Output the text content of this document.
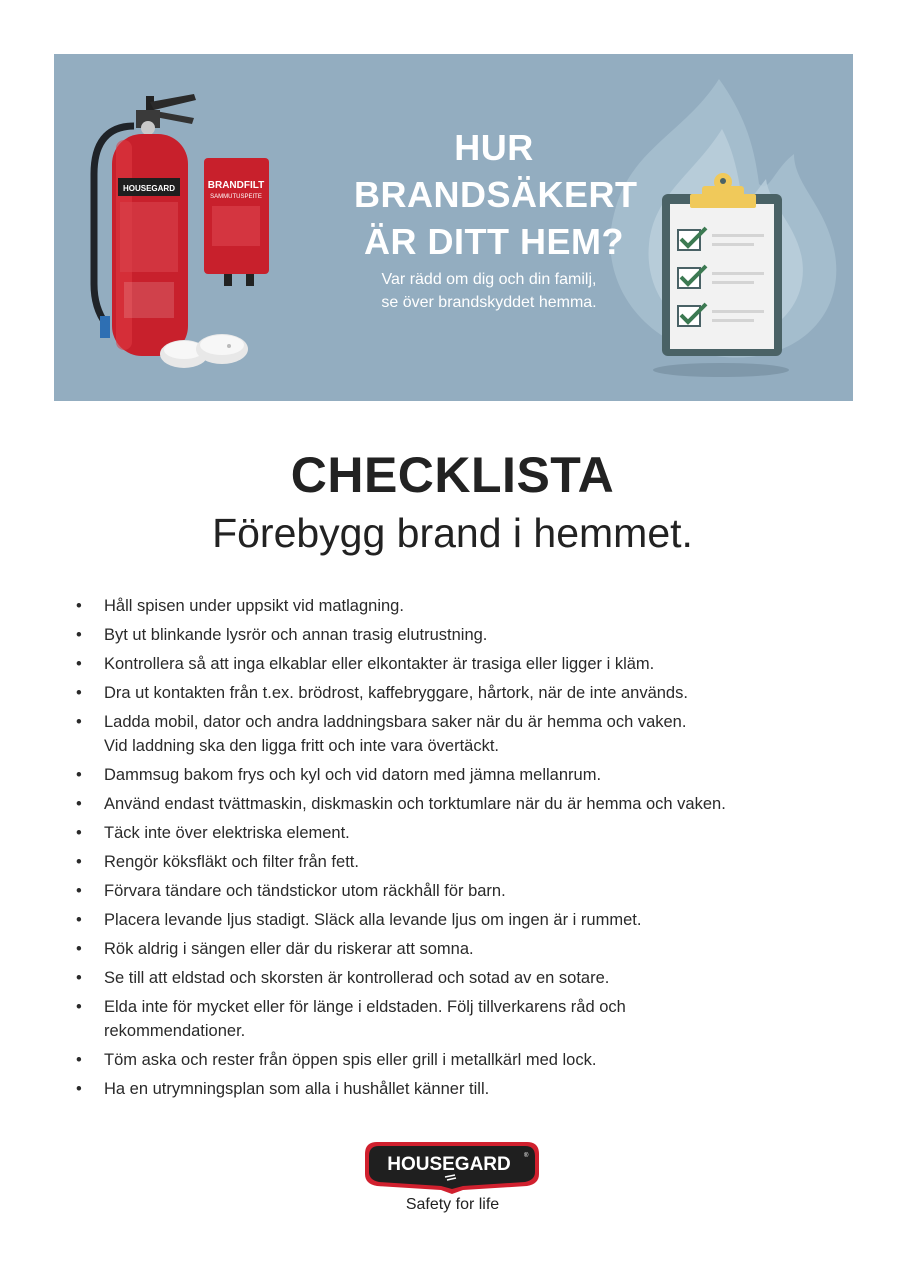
HOUSEGARD	BRANDFILT
SAMMUTUSPEITE
HUR
BRANDSÄKERT
ÄR DITT HEM?
Var rädd om dig och din familj,
se över brandskyddet hemma.
CHECKLISTA
Förebygg brand i hemmet.
• Håll spisen under uppsikt vid matlagning.
• Byt ut blinkande lysrör och annan trasig elutrustning.
• Kontrollera så att inga elkablar eller elkontakter är trasiga eller ligger i kläm.
• Dra ut kontakten från t.ex. brödrost, kaffebryggare, hårtork, när de inte används.
• Ladda mobil, dator och andra laddningsbara saker när du är hemma och vaken.
Vid laddning ska den ligga fritt och inte vara övertäckt.
• Dammsug bakom frys och kyl och vid datorn med jämna mellanrum.
• Använd endast tvättmaskin, diskmaskin och torktumlare när du är hemma och vaken.
• Täck inte över elektriska element.
• Rengör köksfläkt och filter från fett.
• Förvara tändare och tändstickor utom räckhåll för barn.
• Placera levande ljus stadigt. Släck alla levande ljus om ingen är i rummet.
• Rök aldrig i sängen eller där du riskerar att somna.
• Se till att eldstad och skorsten är kontrollerad och sotad av en sotare.
• Elda inte för mycket eller för länge i eldstaden. Följ tillverkarens råd och
rekommendationer.
• Töm aska och rester från öppen spis eller grill i metallkärl med lock.
• Ha en utrymningsplan som alla i hushållet känner till.
HOUSEGARD ®
Safety for life
